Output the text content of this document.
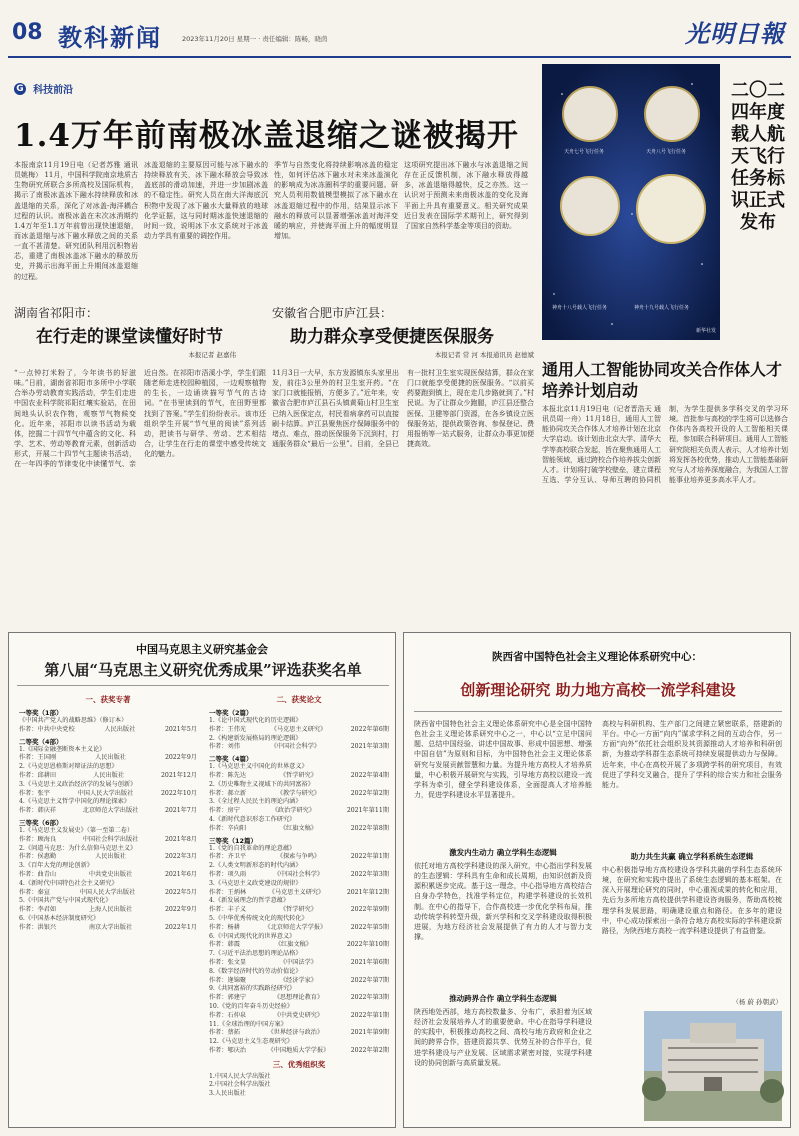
08 教科新闻	2023年11月20日 星期一 · 责任编辑：陈畅，晓茵	光明日報
G 科技前沿
1.4万年前南极冰盖退缩之谜被揭开
本报南京11月19日电（记者苏雅 通讯员姚梅） 11月，中国科学院南京地质古生物研究所联合多所高校及国际机构，揭示了南极冰盖冰下融水持续释放和冰盖退缩的关系，深化了对冰盖-海洋耦合过程的认识。南极冰盖在末次冰消期约1.4万年至1.1万年前曾出现快速退缩，而冰盖退缩与冰下融水释放之间的关系一直不甚清楚。研究团队利用沉积物岩芯，重建了南极冰盖冰下融水的释放历史，并揭示出海平面上升期间冰盖退缩的过程。
冰盖退缩的主要原因可能与冰下融水的持续释放有关，冰下融水释放会导致冰盖底部的滑动加速，并进一步加剧冰盖的不稳定性。研究人员在南大洋海底沉积物中发现了冰下融水大量释放的地球化学证据，这与同时期冰盖快速退缩的时间一致，说明冰下水文系统对于冰盖动力学具有重要的调控作用。
季节与自然变化将持续影响冰盖的稳定性，如何评估冰下融水对未来冰盖演化的影响成为冰冻圈科学的重要问题。研究人员利用数值模型模拟了冰下融水在冰盖退缩过程中的作用，结果显示冰下融水的释放可以显著增强冰盖对海洋变暖的响应，并使海平面上升的幅度明显增加。
这项研究提出冰下融水与冰盖退缩之间存在正反馈机制，冰下融水释放得越多，冰盖退缩得越快，反之亦然。这一认识对于预测未来南极冰盖的变化及海平面上升具有重要意义。相关研究成果近日发表在国际学术期刊上，研究得到了国家自然科学基金等项目的资助。
天舟七号飞行任务	天舟八号飞行任务
神舟十八号载人飞行任务	神舟十九号载人飞行任务
新华社发
二〇二四年度载人航天飞行任务标识正式发布
湖南省祁阳市：
在行走的课堂读懂好时节
本报记者 赵嘉伟
“一点钟打米粉了，今年读书的好滋味。”日前，湖南省祁阳市多所中小学联合举办劳动教育实践活动，学生们走进中国农业科学院祁阳红壤实验站，在田间地头认识农作物，观察节气物候变化。近年来，祁阳市以读书活动为载体，挖掘二十四节气中蕴含的文化、科学、艺术、劳动等教育元素，创新活动形式，开展二十四节气主题读书活动，在一年四季的节律变化中读懂节气、亲近自然。在祁阳市浯溪小学，学生们跟随老师走进校园种植园，一边观察植物的生长，一边诵读描写节气的古诗词。“在书里读到的节气，在田野里都找到了答案。”学生们纷纷表示。该市还组织学生开展“节气里的阅读”系列活动，把读书与研学、劳动、艺术相结合，让学生在行走的课堂中感受传统文化的魅力。
安徽省合肥市庐江县：
助力群众享受便捷医保服务
本报记者 常 河 本报通讯员 赵德斌
11月3日一大早，东方发源镇东头家里出发，前往3公里外的村卫生室开药。“在家门口就能报销，方便多了。”近年来，安徽省合肥市庐江县石头镇黄菊山村卫生室已纳入医保定点，村民看病拿药可以直接刷卡结算。庐江县聚焦医疗保障服务中的堵点、难点，推动医保服务下沉到村，打通服务群众“最后一公里”。目前，全县已有一批村卫生室实现医保结算，群众在家门口就能享受便捷的医保服务。“以前买药要跑到镇上，现在走几步路就到了。”村民说。为了让群众少跑腿，庐江县还整合医保、卫健等部门资源，在各乡镇设立医保服务站，提供政策咨询、参保登记、费用报销等一站式服务，让群众办事更加便捷高效。
通用人工智能协同攻关合作体人才培养计划启动
本报北京11月19日电（记者晋浩天 通讯员周一舟）11月18日，通用人工智能协同攻关合作体人才培养计划在北京大学启动。该计划由北京大学、清华大学等高校联合发起，旨在聚焦通用人工智能领域，通过跨校合作培养拔尖创新人才。计划将打破学校壁垒，建立课程互选、学分互认、导师互聘的协同机制，为学生提供多学科交叉的学习环境。首批参与高校的学生将可以选修合作体内各高校开设的人工智能相关课程，参加联合科研项目。通用人工智能研究院相关负责人表示，人才培养计划将发挥各校优势，推动人工智能基础研究与人才培养深度融合，为我国人工智能事业培养更多高水平人才。
中国马克思主义研究基金会
第八届“马克思主义研究优秀成果”评选获奖名单
一、获奖专著
一等奖（1部）
《中国共产党人的战略思维》（修订本）
作者：中共中央党校	人民出版社	2021年5月
二等奖（4部）
1.《国际金融垄断资本主义论》
作者：王国刚	人民出版社	2022年9月
2.《马克思恩格斯对辩证法的思想》
作者：邱耕田	人民出版社	2021年12月
3.《马克思主义政治经济学的发展与创新》
作者：张宇	中国人民大学出版社	2022年10月
4.《马克思主义哲学中国化的理论探索》
作者：韩庆祥	北京师范大学出版社	2021年7月
三等奖（6部）
1.《马克思主义发展史》（第一至第二卷）
作者：顾海良	中国社会科学出版社	2021年8月
2.《问道马克思：为什么信仰马克思主义》
作者：侯惠勤	人民出版社	2022年3月
3.《百年大党的理论创新》
作者：曲青山	中共党史出版社	2021年6月
4.《新时代中国特色社会主义研究》
作者：秦宣	中国人民大学出版社	2022年5月
5.《中国共产党与中国式现代化》
作者：李君如	上海人民出版社	2022年9月
6.《中国基本经济制度研究》
作者：洪银兴	南京大学出版社	2022年1月
二、获奖论文
一等奖（2篇）
1.《论中国式现代化的历史逻辑》
作者：王伟光	《马克思主义研究》	2022年第6期
2.《构建新发展格局的理论逻辑》
作者：刘伟	《中国社会科学》	2021年第3期
二等奖（4篇）
1.《马克思主义中国化的世界意义》
作者：陈先达	《哲学研究》	2022年第4期
2.《历史唯物主义视域下的共同富裕》
作者：郝立新	《教学与研究》	2022年第2期
3.《全过程人民民主的理论内涵》
作者：房宁	《政治学研究》	2021年第11期
4.《新时代意识形态工作研究》
作者：辛向阳	《红旗文稿》	2022年第8期
三等奖（12篇）
1.《党的自我革命的理论意蕴》
作者：齐卫平	《探索与争鸣》	2022年第1期
2.《人类文明新形态的时代内涵》
作者：项久雨	《中国社会科学》	2022年第3期
3.《马克思主义政党建设的规律》
作者：王炳林	《马克思主义研究》	2021年第12期
4.《新发展理念的哲学意蕴》
作者：丰子义	《哲学研究》	2022年第9期
5.《中华优秀传统文化的现代转化》
作者：杨耕	《北京师范大学学报》	2022年第5期
6.《中国式现代化的世界意义》
作者：韩震	《红旗文稿》	2022年第10期
7.《习近平法治思想的理论品格》
作者：张文显	《中国法学》	2021年第6期
8.《数字经济时代的劳动价值论》
作者：逄锦聚	《经济学家》	2022年第7期
9.《共同富裕的实践路径研究》
作者：郭建宁	《思想理论教育》	2022年第3期
10.《党的百年奋斗历史经验》
作者：石仲泉	《中共党史研究》	2022年第1期
11.《全球治理的中国方案》
作者：蔡拓	《世界经济与政治》	2021年第9期
12.《马克思主义生态观研究》
作者：郇庆治	《中国地质大学学报》	2022年第2期
三、优秀组织奖
1.中国人民大学出版社
2.中国社会科学出版社
3.人民出版社
陕西省中国特色社会主义理论体系研究中心：
创新理论研究 助力地方高校一流学科建设
陕西省中国特色社会主义理论体系研究中心是全国中国特色社会主义理论体系研究中心之一，中心以“立足中国问题、总结中国经验、讲述中国故事、形成中国思想、增强中国自信”为原则和目标，为中国特色社会主义理论体系研究与发展贡献智慧和力量。为提升地方高校人才培养质量，中心积极开展研究与实践，引导地方高校以建设一流学科为牵引，健全学科建设体系，全面提高人才培养能力，促进学科建设水平显著提升。
激发内生动力 确立学科生态逻辑
依托对地方高校学科建设的深入研究，中心指出学科发展的生态逻辑：学科具有生命和成长周期，由知识创新及资源积累逐步完成。基于这一理念，中心指导地方高校结合自身办学特色，找准学科定位，构建学科建设的长效机制。在中心的指导下，合作高校进一步优化学科布局，推动传统学科转型升级，新兴学科和交叉学科建设取得积极进展，为地方经济社会发展提供了有力的人才与智力支撑。
推动跨界合作 确立学科生态逻辑
陕西地处西部，地方高校数量多、分布广，承担着为区域经济社会发展培养人才的重要使命。中心在指导学科建设的实践中，积极推动高校之间、高校与地方政府和企业之间的跨界合作，搭建资源共享、优势互补的合作平台，促进学科建设与产业发展、区域需求紧密对接，实现学科建设的协同创新与高质量发展。
高校与科研机构、生产部门之间建立紧密联系，搭建新的平台。中心一方面“向内”谋求学科之间的互动合作，另一方面“向外”依托社会组织及其资源推动人才培养和科研创新，为推动学科群生态系统可持续发展提供动力与保障。近年来，中心在高校开展了多项跨学科的研究项目，有效促进了学科交叉融合，提升了学科的综合实力和社会服务能力。
助力共生共赢 确立学科系统生态逻辑
中心积极指导地方高校建设各学科共融的学科生态系统环境，在研究和实践中提出了系统生态逻辑的基本框架。在深入开展理论研究的同时，中心重视成果的转化和应用，先后为多所地方高校提供学科建设咨询服务，帮助高校梳理学科发展思路，明确建设重点和路径。在多年的建设中，中心成功探索出一条符合地方高校实际的学科建设新路径，为陕西地方高校一流学科建设提供了有益借鉴。
（杨 蔚 孙朝武）
